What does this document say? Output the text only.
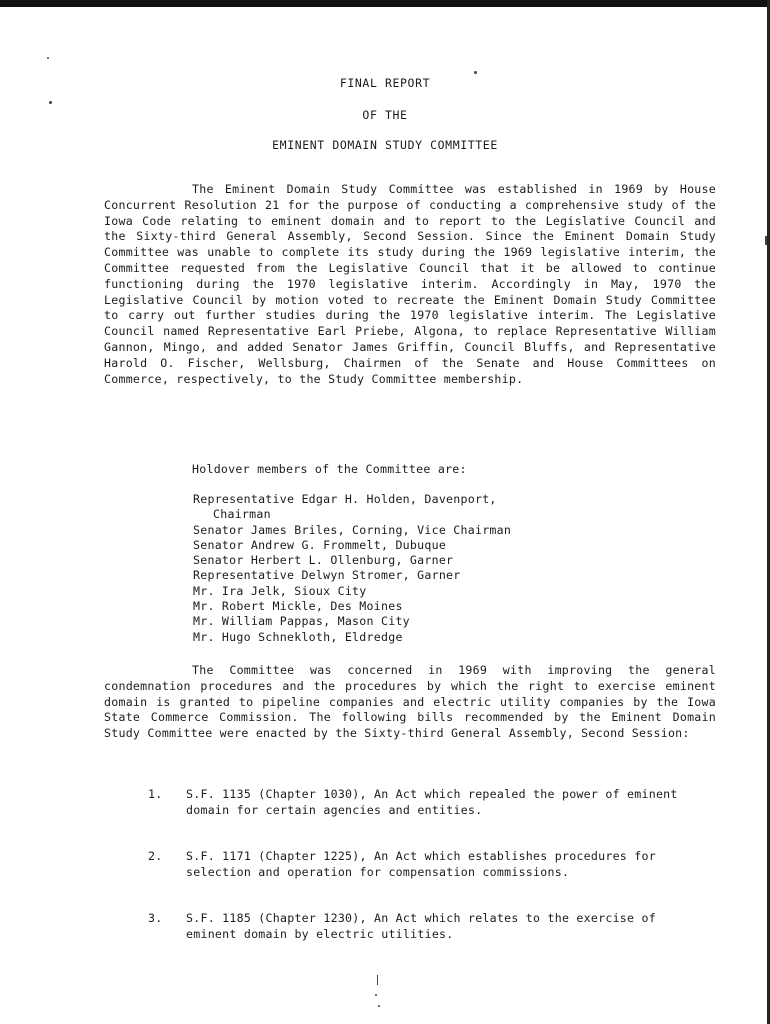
FINAL REPORT
OF THE
EMINENT DOMAIN STUDY COMMITTEE

The Eminent Domain Study Committee was established in 1969 by House Concurrent Resolution 21 for the purpose of conducting a comprehensive study of the Iowa Code relating to eminent domain and to report to the Legislative Council and the Sixty-third General Assembly, Second Session. Since the Eminent Domain Study Committee was unable to complete its study during the 1969 legislative interim, the Committee requested from the Legislative Council that it be allowed to continue functioning during the 1970 legislative interim. Accordingly in May, 1970 the Legislative Council by motion voted to recreate the Eminent Domain Study Committee to carry out further studies during the 1970 legislative interim. The Legislative Council named Representative Earl Priebe, Algona, to replace Representative William Gannon, Mingo, and added Senator James Griffin, Council Bluffs, and Representative Harold O. Fischer, Wellsburg, Chairmen of the Senate and House Committees on Commerce, respectively, to the Study Committee membership.

Holdover members of the Committee are:

Representative Edgar H. Holden, Davenport,
Chairman
Senator James Briles, Corning, Vice Chairman
Senator Andrew G. Frommelt, Dubuque
Senator Herbert L. Ollenburg, Garner
Representative Delwyn Stromer, Garner
Mr. Ira Jelk, Sioux City
Mr. Robert Mickle, Des Moines
Mr. William Pappas, Mason City
Mr. Hugo Schnekloth, Eldredge

The Committee was concerned in 1969 with improving the general condemnation procedures and the procedures by which the right to exercise eminent domain is granted to pipeline companies and electric utility companies by the Iowa State Commerce Commission. The following bills recommended by the Eminent Domain Study Committee were enacted by the Sixty-third General Assembly, Second Session:

1. S.F. 1135 (Chapter 1030), An Act which repealed the power of eminent domain for certain agencies and entities.
2. S.F. 1171 (Chapter 1225), An Act which establishes procedures for selection and operation for compensation commissions.
3. S.F. 1185 (Chapter 1230), An Act which relates to the exercise of eminent domain by electric utilities.
